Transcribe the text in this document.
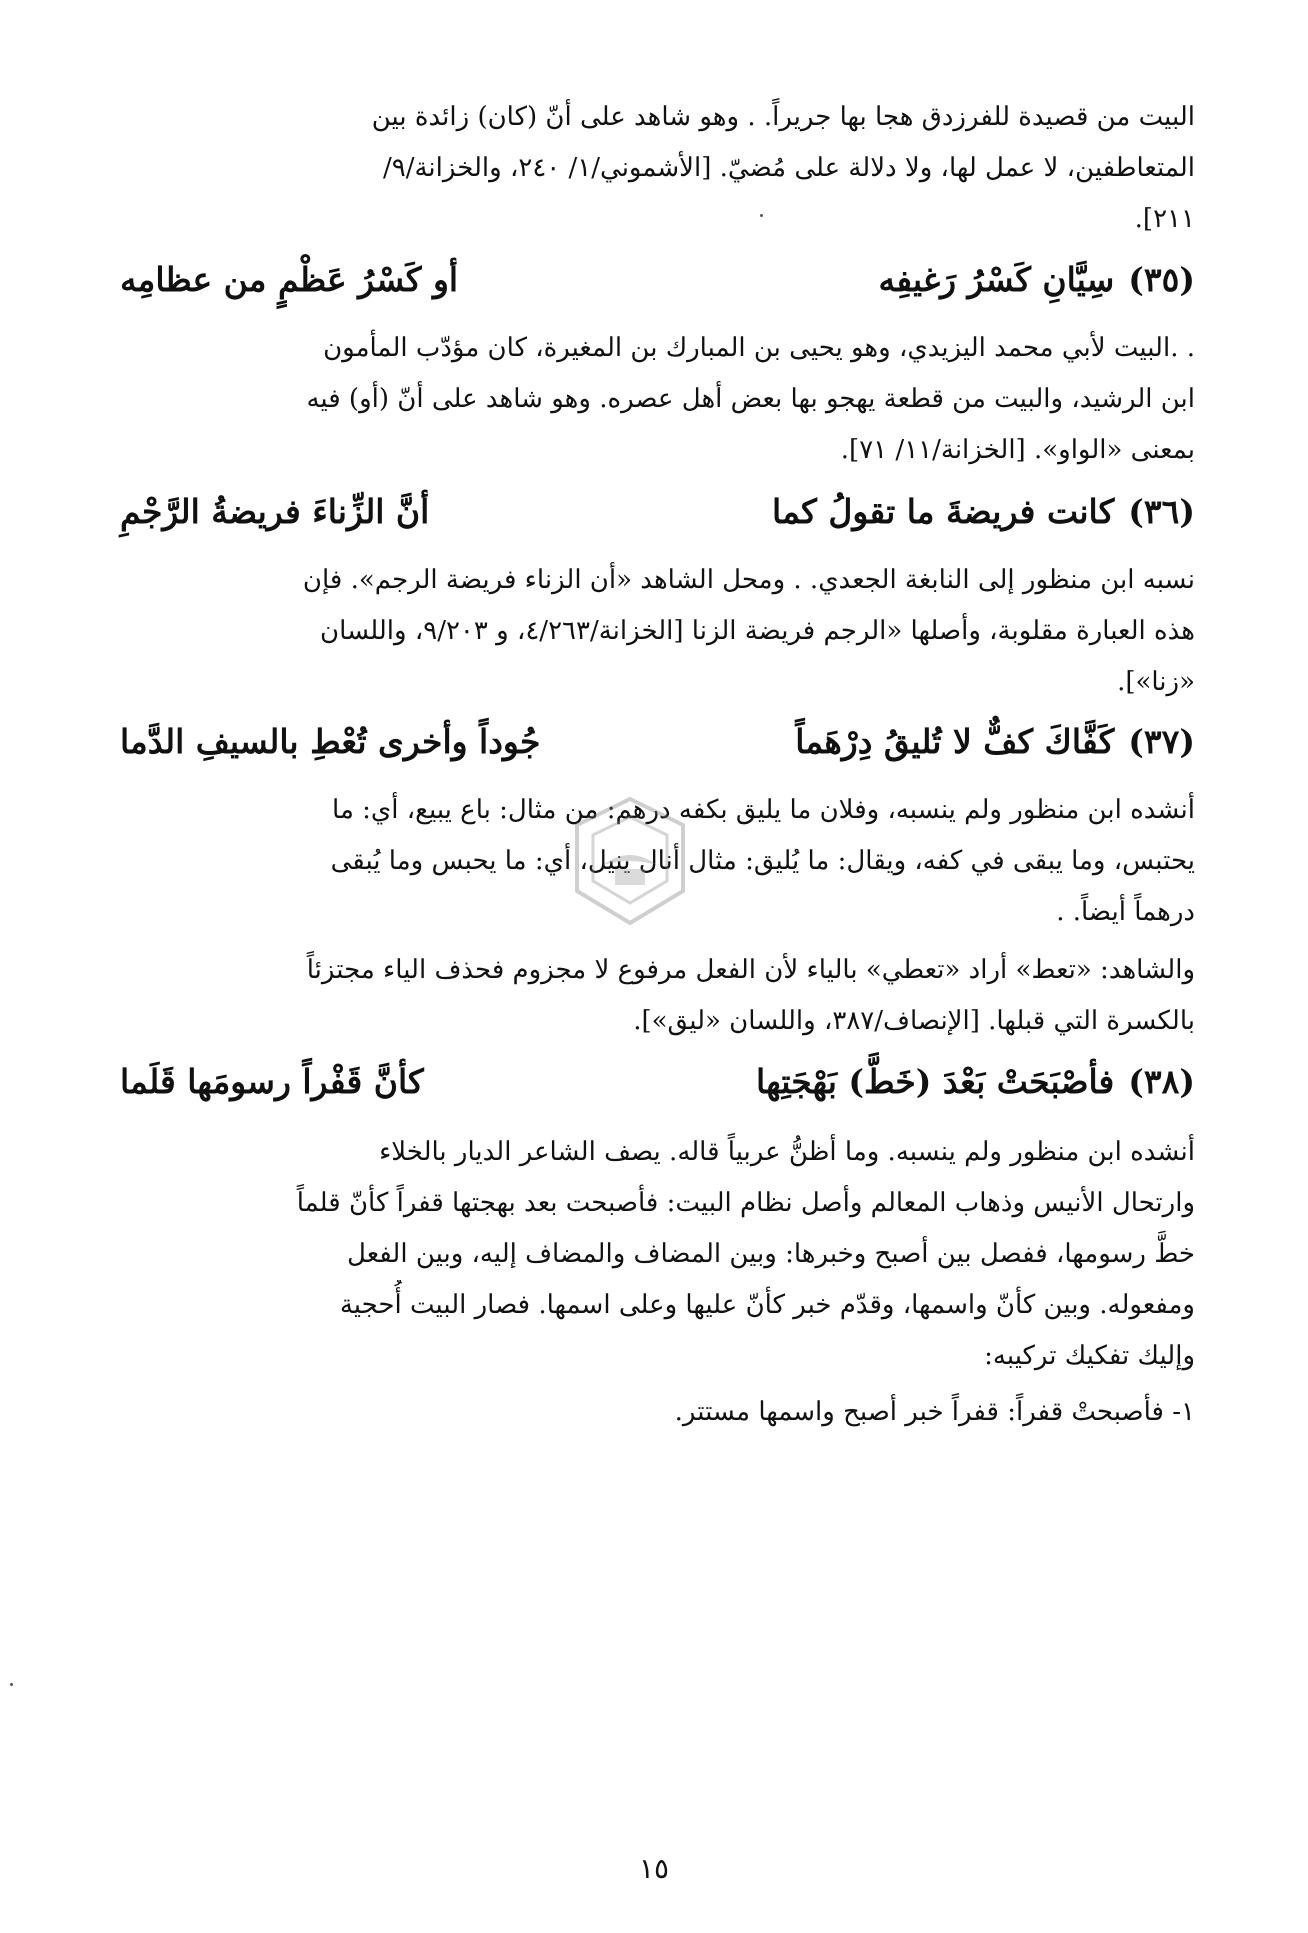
البيت من قصيدة للفرزدق هجا بها جريراً. . وهو شاهد على أنّ (كان) زائدة بين
المتعاطفين، لا عمل لها، ولا دلالة على مُضيّ. [الأشموني/١/ ٢٤٠، والخزانة/٩/
٢١١].
(٣٥)
سِيَّانِ كَسْرُ رَغيفِه
أو كَسْرُ عَظْمٍ من عظامِه
. .البيت لأبي محمد اليزيدي، وهو يحيى بن المبارك بن المغيرة، كان مؤدّب المأمون
ابن الرشيد، والبيت من قطعة يهجو بها بعض أهل عصره. وهو شاهد على أنّ (أو) فيه
بمعنى «الواو». [الخزانة/١١/ ٧١].
(٣٦)
كانت فريضةَ ما تقولُ كما
أنَّ الزِّناءَ فريضةُ الرَّجْمِ
نسبه ابن منظور إلى النابغة الجعدي. . ومحل الشاهد «أن الزناء فريضة الرجم». فإن
هذه العبارة مقلوبة، وأصلها «الرجم فريضة الزنا [الخزانة/٤/٢٦٣، و ٩/٢٠٣، واللسان
«زنا»].
(٣٧)
كَفَّاكَ كفٌّ لا تُليقُ دِرْهَماً
جُوداً وأخرى تُعْطِ بالسيفِ الدَّما
أنشده ابن منظور ولم ينسبه، وفلان ما يليق بكفه درهم: من مثال: باع يبيع، أي: ما
يحتبس، وما يبقى في كفه، ويقال: ما يُليق: مثال أنال ينيل، أي: ما يحبس وما يُبقى
درهماً أيضاً. .
والشاهد: «تعط» أراد «تعطي» بالياء لأن الفعل مرفوع لا مجزوم فحذف الياء مجتزئاً
بالكسرة التي قبلها. [الإنصاف/٣٨٧، واللسان «ليق»].
(٣٨)
فأصْبَحَتْ بَعْدَ (خَطَّ) بَهْجَتِها
كأنَّ قَفْراً رسومَها قَلَما
أنشده ابن منظور ولم ينسبه. وما أظنُّ عربياً قاله. يصف الشاعر الديار بالخلاء
وارتحال الأنيس وذهاب المعالم وأصل نظام البيت: فأصبحت بعد بهجتها قفراً كأنّ قلماً
خطَّ رسومها، ففصل بين أصبح وخبرها: وبين المضاف والمضاف إليه، وبين الفعل
ومفعوله. وبين كأنّ واسمها، وقدّم خبر كأنّ عليها وعلى اسمها. فصار البيت أُحجية
وإليك تفكيك تركيبه:
١- فأصبحتْ قفراً: قفراً خبر أصبح واسمها مستتر.
١٥
